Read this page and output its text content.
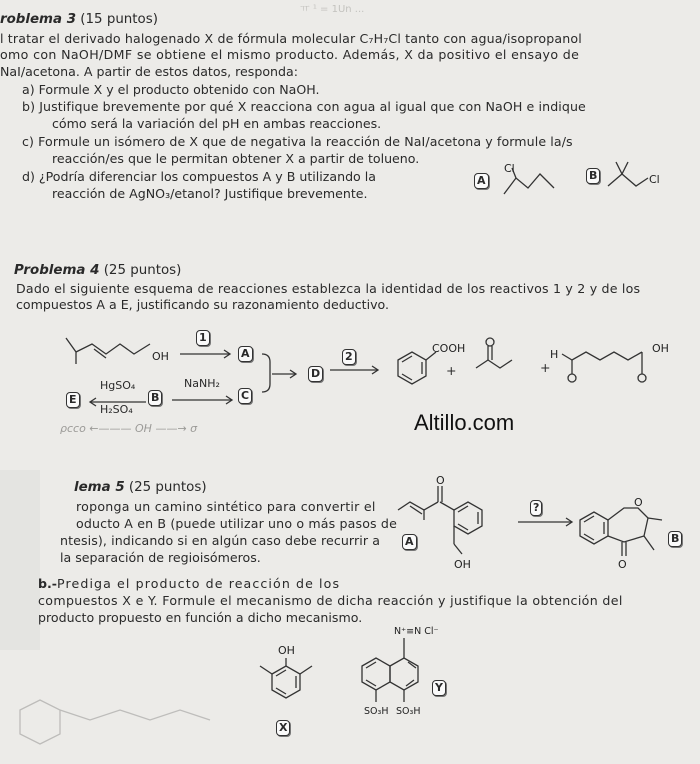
ㅠ ¹ = 1Un ...
roblema 3 (15 puntos)
l tratar el derivado halogenado X de fórmula molecular C₇H₇Cl tanto con agua/isopropanol
omo con NaOH/DMF se obtiene el mismo producto. Además, X da positivo el ensayo de
NaI/acetona. A partir de estos datos, responda:
a) Formule X y el producto obtenido con NaOH.
b) Justifique brevemente por qué X reacciona con agua al igual que con NaOH e indique
cómo será la variación del pH en ambas reacciones.
c) Formule un isómero de X que de negativa la reacción de NaI/acetona y formule la/s
reacción/es que le permitan obtener X a partir de tolueno.
d) ¿Podría diferenciar los compuestos A y B utilizando la
reacción de AgNO₃/etanol? Justifique brevemente.
A
Cl
B	Cl
Problema 4 (25 puntos)
Dado el siguiente esquema de reacciones establezca la identidad de los reactivos 1 y 2 y de los
compuestos A a E, justificando su razonamiento deductivo.
OH
1
A
D
2
COOH
+	+
H	OH
E
HgSO₄
H₂SO₄
B
NaNH₂
C
ρcco ←——— OH ——→ σ	Altillo.com
lema 5 (25 puntos)
roponga un camino sintético para convertir el
oducto A en B (puede utilizar uno o más pasos de
ntesis), indicando si en algún caso debe recurrir a
la separación de regioisómeros.
b.-Prediga el producto de reacción de los
compuestos X e Y. Formule el mecanismo de dicha reacción y justifique la obtención del
producto propuesto en función a dicho mecanismo.
O
OH
A
?	O
O
B
OH
X
N⁺≡N Cl⁻
SO₃H SO₃H
Y
